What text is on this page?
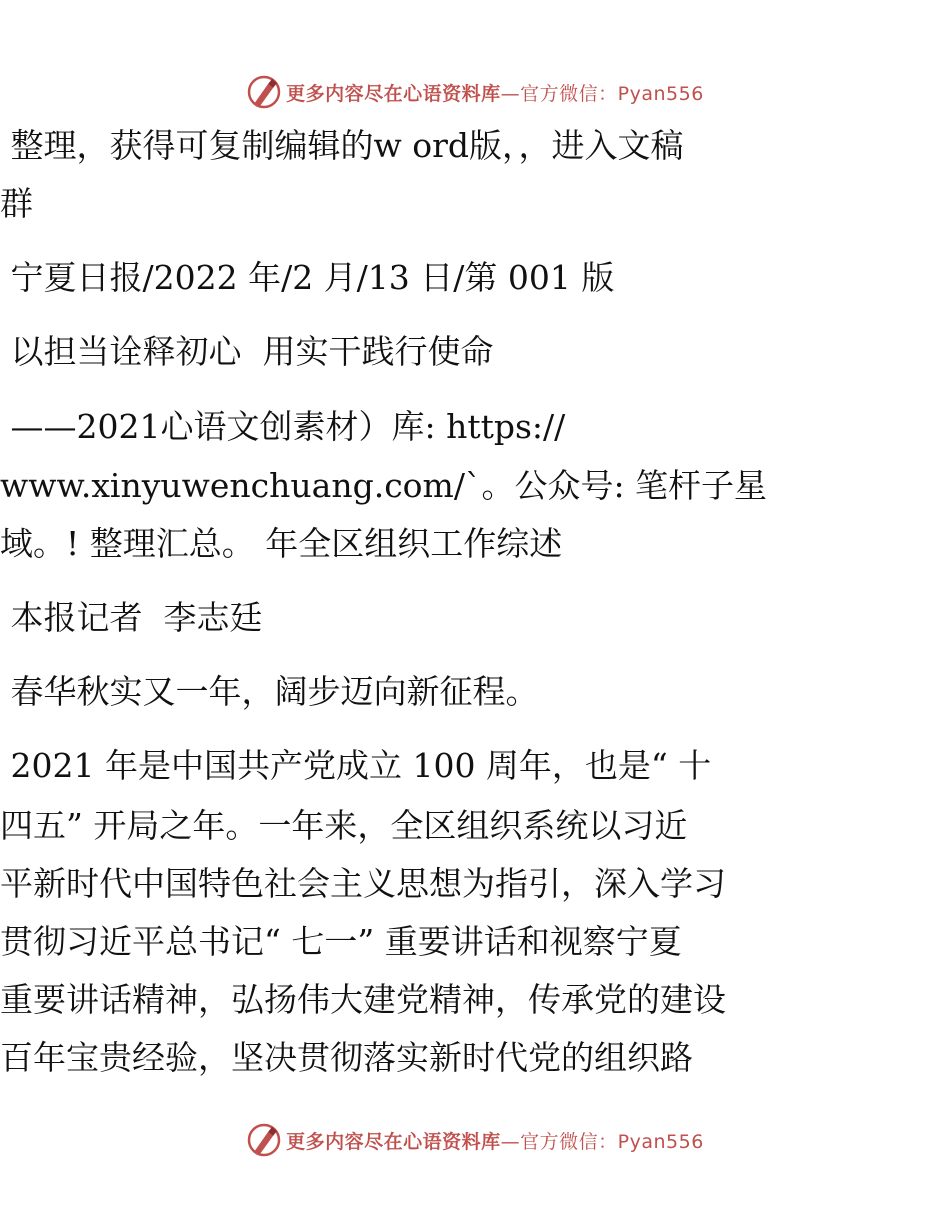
更多内容尽在心语资料库—官方微信：Pyan556
整理，获得可复制编辑的w ord版，，进入文稿
群
宁夏日报/2022 年/2 月/13 日/第 001 版
以担当诠释初心  用实干践行使命
——2021心语文创素材）库: https://
www.xinyuwenchuang.com/`。公众号: 笔杆子星
域。! 整理汇总。 年全区组织工作综述
本报记者  李志廷
春华秋实又一年，阔步迈向新征程。
2021 年是中国共产党成立 100 周年，也是“ 十
四五” 开局之年。一年来，全区组织系统以习近
平新时代中国特色社会主义思想为指引，深入学习
贯彻习近平总书记“ 七一” 重要讲话和视察宁夏
重要讲话精神，弘扬伟大建党精神，传承党的建设
百年宝贵经验，坚决贯彻落实新时代党的组织路
更多内容尽在心语资料库—官方微信：Pyan556
